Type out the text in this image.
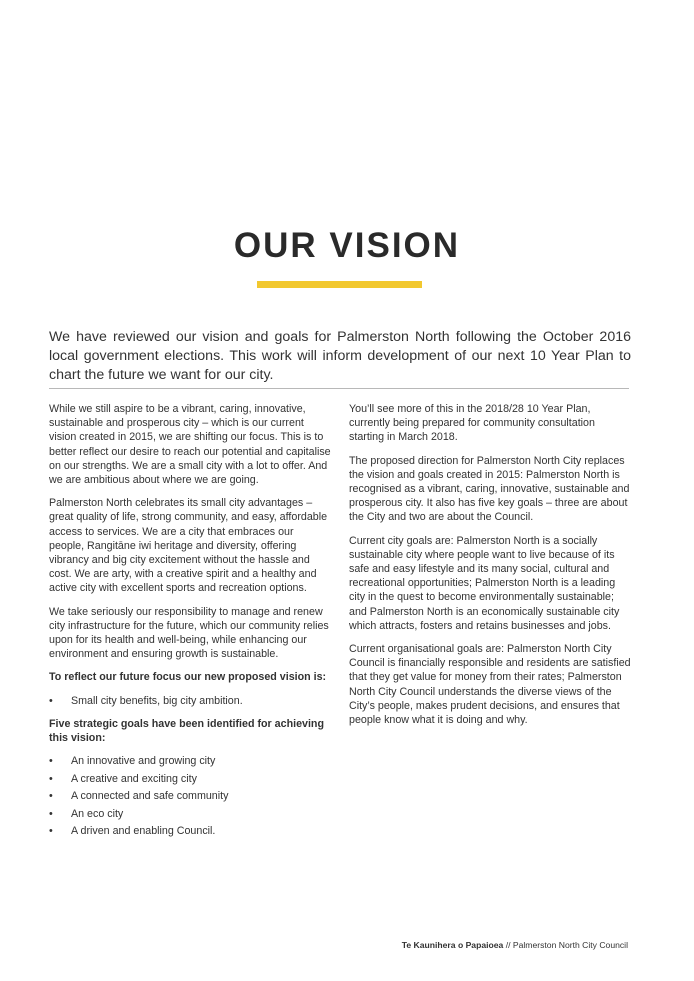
OUR VISION

We have reviewed our vision and goals for Palmerston North following the October 2016 local government elections. This work will inform development of our next 10 Year Plan to chart the future we want for our city.

While we still aspire to be a vibrant, caring, innovative, sustainable and prosperous city – which is our current vision created in 2015, we are shifting our focus. This is to better reflect our desire to reach our potential and capitalise on our strengths. We are a small city with a lot to offer. And we are ambitious about where we are going.

Palmerston North celebrates its small city advantages – great quality of life, strong community, and easy, affordable access to services. We are a city that embraces our people, Rangitāne iwi heritage and diversity, offering vibrancy and big city excitement without the hassle and cost. We are arty, with a creative spirit and a healthy and active city with excellent sports and recreation options.

We take seriously our responsibility to manage and renew city infrastructure for the future, which our community relies upon for its health and well-being, while enhancing our environment and ensuring growth is sustainable.

To reflect our future focus our new proposed vision is:

• Small city benefits, big city ambition.

Five strategic goals have been identified for achieving this vision:

• An innovative and growing city
• A creative and exciting city
• A connected and safe community
• An eco city
• A driven and enabling Council.

You’ll see more of this in the 2018/28 10 Year Plan, currently being prepared for community consultation starting in March 2018.

The proposed direction for Palmerston North City replaces the vision and goals created in 2015: Palmerston North is recognised as a vibrant, caring, innovative, sustainable and prosperous city. It also has five key goals – three are about the City and two are about the Council.

Current city goals are: Palmerston North is a socially sustainable city where people want to live because of its safe and easy lifestyle and its many social, cultural and recreational opportunities; Palmerston North is a leading city in the quest to become environmentally sustainable; and Palmerston North is an economically sustainable city which attracts, fosters and retains businesses and jobs.

Current organisational goals are: Palmerston North City Council is financially responsible and residents are satisfied that they get value for money from their rates; Palmerston North City Council understands the diverse views of the City’s people, makes prudent decisions, and ensures that people know what it is doing and why.

Te Kaunihera o Papaioea // Palmerston North City Council
